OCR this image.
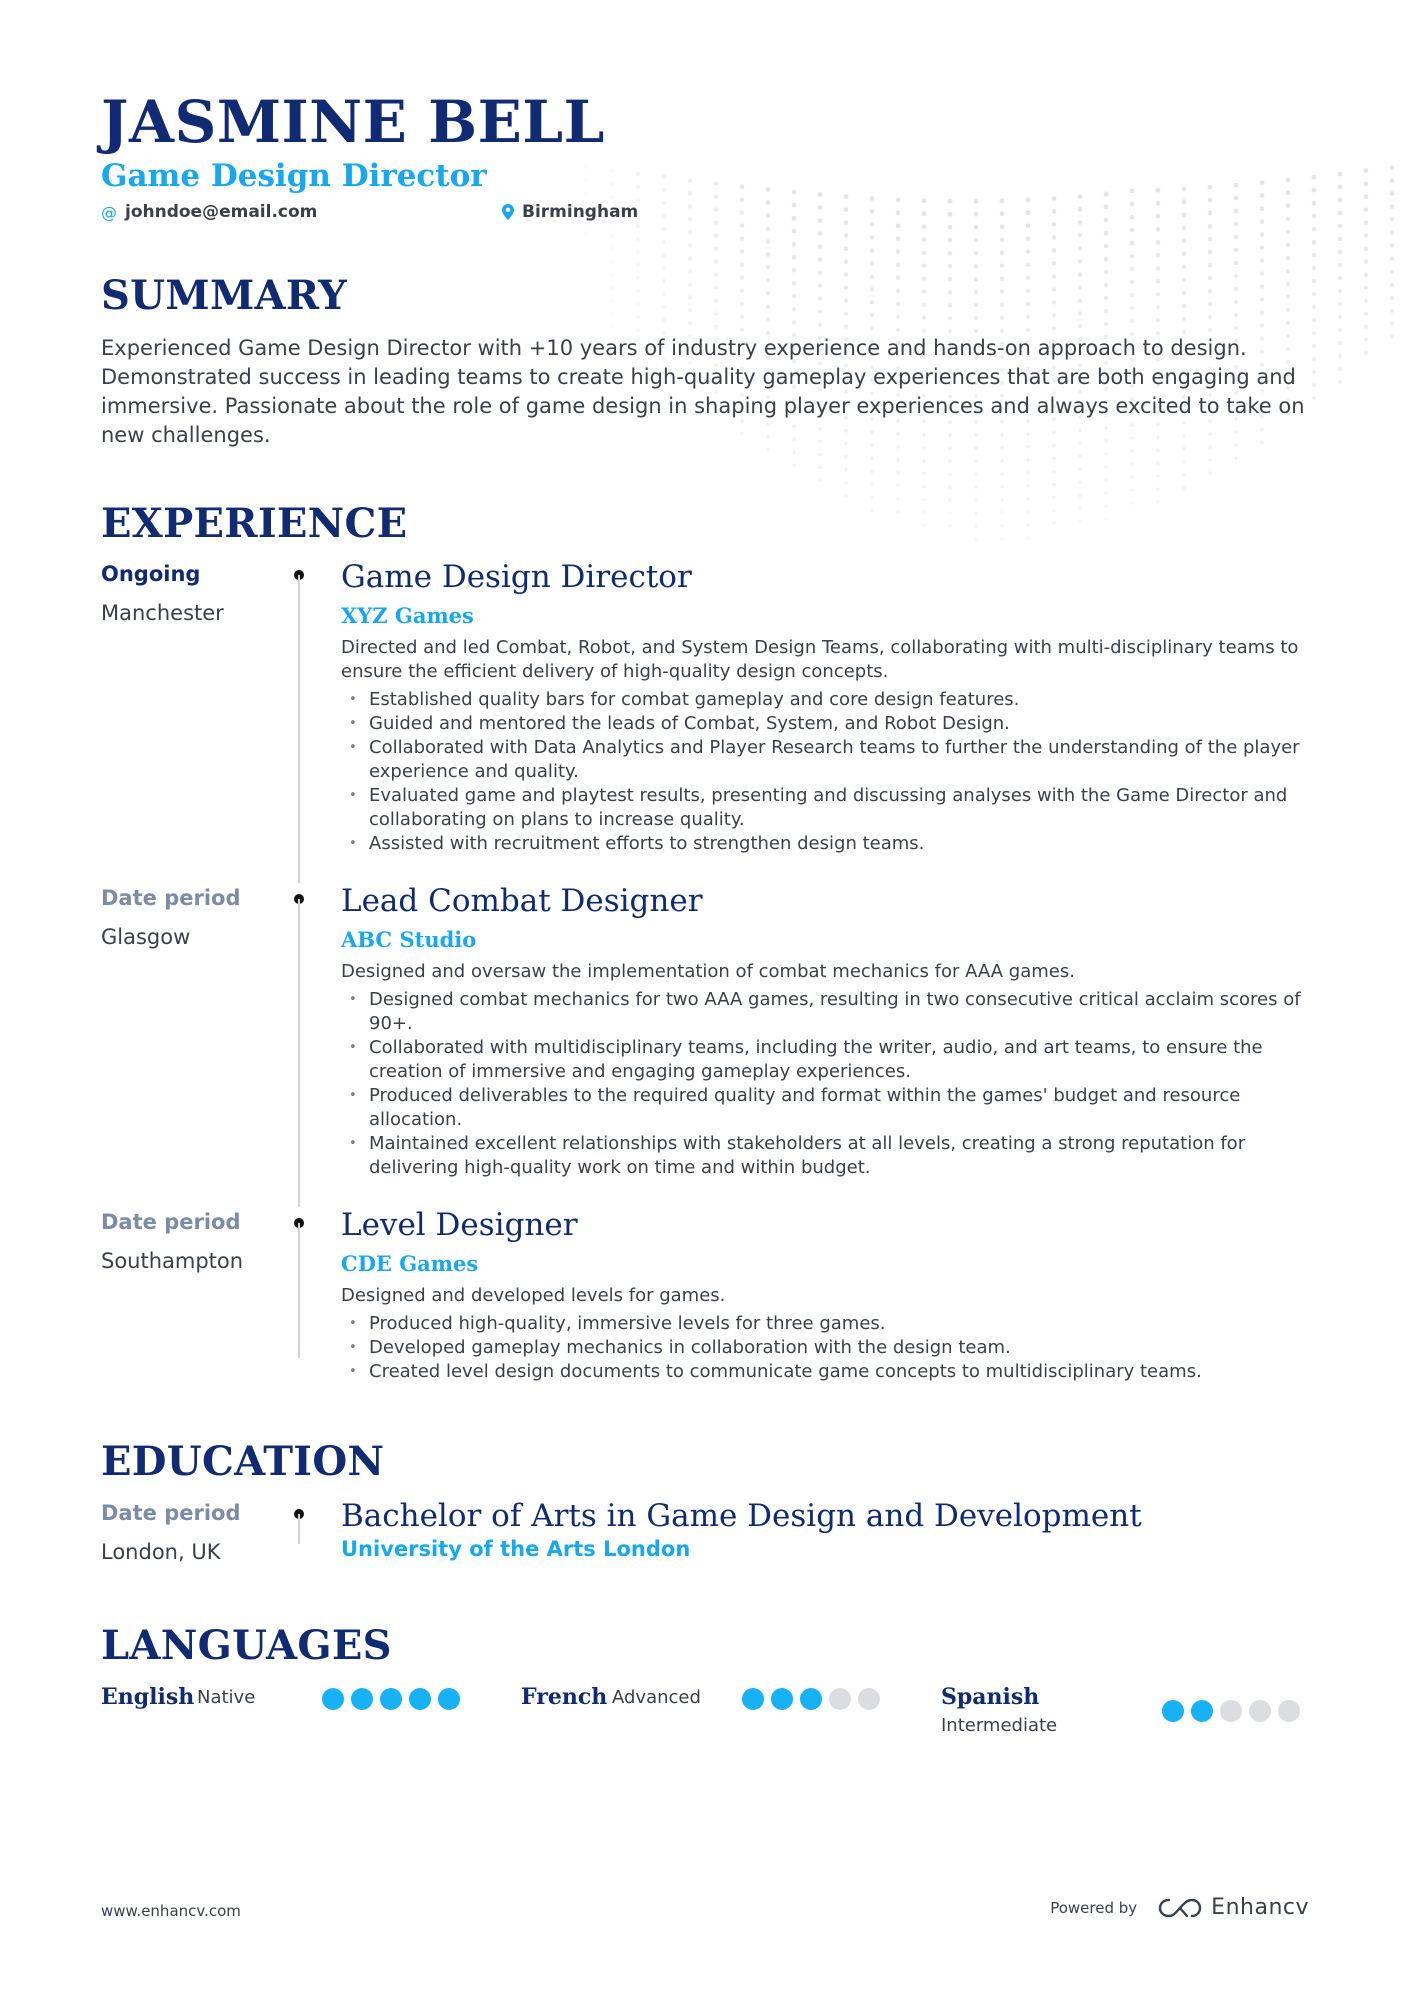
JASMINE BELL
Game Design Director
@ johndoe@email.com	Birmingham
SUMMARY
Experienced Game Design Director with +10 years of industry experience and hands-on approach to design. Demonstrated success in leading teams to create high-quality gameplay experiences that are both engaging and immersive. Passionate about the role of game design in shaping player experiences and always excited to take on new challenges.
EXPERIENCE
Ongoing
Manchester
Game Design Director
XYZ Games
Directed and led Combat, Robot, and System Design Teams, collaborating with multi-disciplinary teams to ensure the efficient delivery of high-quality design concepts.
• Established quality bars for combat gameplay and core design features.
• Guided and mentored the leads of Combat, System, and Robot Design.
• Collaborated with Data Analytics and Player Research teams to further the understanding of the player experience and quality.
• Evaluated game and playtest results, presenting and discussing analyses with the Game Director and collaborating on plans to increase quality.
• Assisted with recruitment efforts to strengthen design teams.
Date period
Glasgow
Lead Combat Designer
ABC Studio
Designed and oversaw the implementation of combat mechanics for AAA games.
• Designed combat mechanics for two AAA games, resulting in two consecutive critical acclaim scores of 90+.
• Collaborated with multidisciplinary teams, including the writer, audio, and art teams, to ensure the creation of immersive and engaging gameplay experiences.
• Produced deliverables to the required quality and format within the games' budget and resource allocation.
• Maintained excellent relationships with stakeholders at all levels, creating a strong reputation for delivering high-quality work on time and within budget.
Date period
Southampton
Level Designer
CDE Games
Designed and developed levels for games.
• Produced high-quality, immersive levels for three games.
• Developed gameplay mechanics in collaboration with the design team.
• Created level design documents to communicate game concepts to multidisciplinary teams.
EDUCATION
Date period
London, UK
Bachelor of Arts in Game Design and Development
University of the Arts London
LANGUAGES
English Native	French Advanced	Spanish
Intermediate
www.enhancv.com	Powered by	Enhancv
